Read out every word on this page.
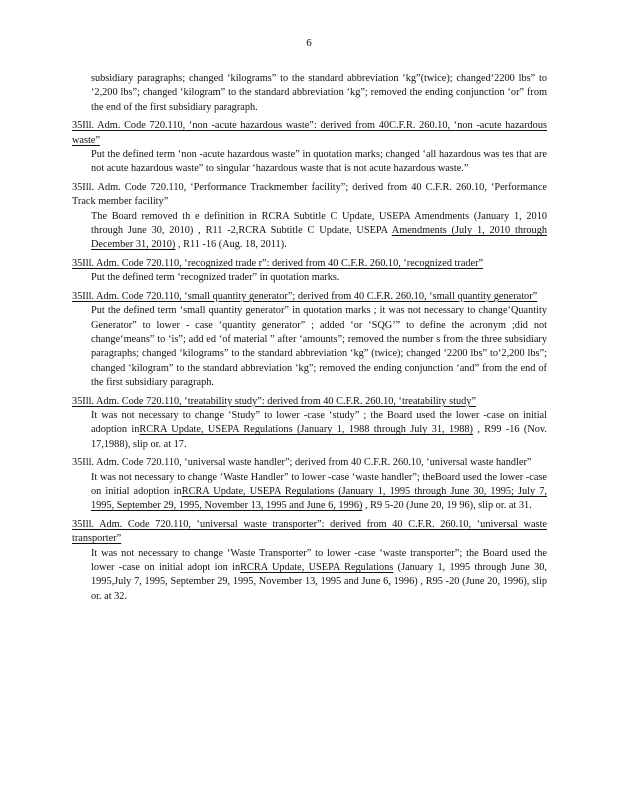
6
subsidiary paragraphs; changed ‘kilograms” to the standard abbreviation ‘kg”(twice); changed‘2200 lbs” to ‘2,200 lbs”; changed ‘kilogram” to the standard abbreviation ‘kg”; removed the ending conjunction ‘or” from the end of the first subsidiary paragraph.
35Ill. Adm. Code 720.110, ‘non -acute hazardous waste”: derived from 40C.F.R. 260.10, ‘non -acute hazardous waste”
Put the defined term ‘non -acute hazardous waste” in quotation marks; changed ‘all hazardous was tes that are not acute hazardous waste” to singular ‘hazardous waste that is not acute hazardous waste.”
35Ill. Adm. Code 720.110, ‘Performance Trackmember facility”; derived from 40 C.F.R. 260.10, ‘Performance Track member facility”
The Board removed th e definition in RCRA Subtitle C Update, USEPA Amendments (January 1, 2010 through June 30, 2010) , R11 -2,RCRA Subtitle C Update, USEPA Amendments (July 1, 2010 through December 31, 2010) , R11 -16 (Aug. 18, 2011).
35Ill. Adm. Code 720.110, ‘recognized trade r”: derived from 40 C.F.R. 260.10, ‘recognized trader”
Put the defined term ‘recognized trader” in quotation marks.
35Ill. Adm. Code 720.110, ‘small quantity generator”; derived from 40 C.F.R. 260.10, ‘small quantity generator”
Put the defined term ‘small quantity generator” in quotation marks ; it was not necessary to change‘Quantity Generator” to lower - case ‘quantity generator” ; added ‘or ‘SQG’” to define the acronym ;did not change‘means” to ‘is”; add ed ‘of material ” after ‘amounts”; removed the number s from the three subsidiary paragraphs; changed ‘kilograms” to the standard abbreviation ‘kg” (twice); changed ‘2200 lbs” to‘2,200 lbs”; changed ‘kilogram” to the standard abbreviation ‘kg”; removed the ending conjunction ‘and” from the end of the first subsidiary paragraph.
35Ill. Adm. Code 720.110, ‘treatability study”: derived from 40 C.F.R. 260.10, ‘treatability study”
It was not necessary to change ‘Study” to lower -case ‘study” ; the Board used the lower -case on initial adoption inRCRA Update, USEPA Regulations (January 1, 1988 through July 31, 1988) , R99 -16 (Nov. 17,1988), slip or. at 17.
35Ill. Adm. Code 720.110, ‘universal waste handler”; derived from 40 C.F.R. 260.10, ‘universal waste handler”
It was not necessary to change ‘Waste Handler” to lower -case ‘waste handler”; theBoard used the lower -case on initial adoption inRCRA Update, USEPA Regulations (January 1, 1995 through June 30, 1995; July 7, 1995, September 29, 1995, November 13, 1995 and June 6, 1996) , R9 5-20 (June 20, 19 96), slip or. at 31.
35Ill. Adm. Code 720.110, ‘universal waste transporter”: derived from 40 C.F.R. 260.10, ‘universal waste transporter”
It was not necessary to change ‘Waste Transporter” to lower -case ‘waste transporter”; the Board used the lower -case on initial adopt ion inRCRA Update, USEPA Regulations (January 1, 1995 through June 30, 1995,July 7, 1995, September 29, 1995, November 13, 1995 and June 6, 1996) , R95 -20 (June 20, 1996), slip or. at 32.
